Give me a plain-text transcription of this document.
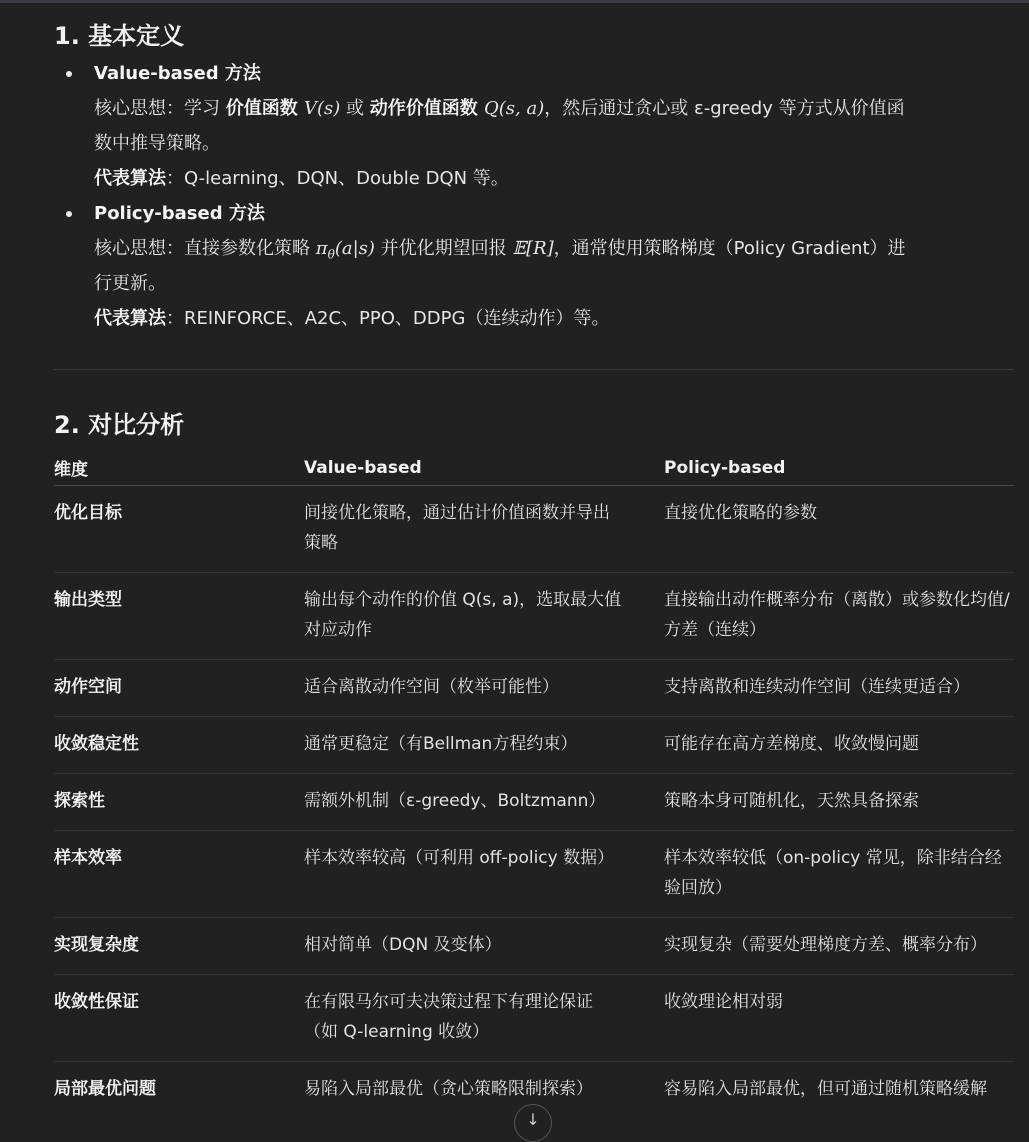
1. 基本定义
Value-based 方法
核心思想：学习 价值函数 V(s) 或 动作价值函数 Q(s, a)，然后通过贪心或 ε-greedy 等方式从价值函
数中推导策略。
代表算法：Q-learning、DQN、Double DQN 等。
Policy-based 方法
核心思想：直接参数化策略 $\pi_\theta(a|s)$ 并优化期望回报 𝔼[R]，通常使用策略梯度（Policy Gradient）进
行更新。
代表算法：REINFORCE、A2C、PPO、DDPG（连续动作）等。
2. 对比分析
维度	Value-based	Policy-based
优化目标	间接优化策略，通过估计价值函数并导出策略	直接优化策略的参数
输出类型	输出每个动作的价值 Q(s, a)，选取最大值对应动作	直接输出动作概率分布（离散）或参数化均值/方差（连续）
动作空间	适合离散动作空间（枚举可能性）	支持离散和连续动作空间（连续更适合）
收敛稳定性	通常更稳定（有Bellman方程约束）	可能存在高方差梯度、收敛慢问题
探索性	需额外机制（ε-greedy、Boltzmann）	策略本身可随机化，天然具备探索
样本效率	样本效率较高（可利用 off-policy 数据）	样本效率较低（on-policy 常见，除非结合经验回放）
实现复杂度	相对简单（DQN 及变体）	实现复杂（需要处理梯度方差、概率分布）
收敛性保证	在有限马尔可夫决策过程下有理论保证（如 Q-learning 收敛）	收敛理论相对弱
局部最优问题	易陷入局部最优（贪心策略限制探索）	容易陷入局部最优，但可通过随机策略缓解
↓
